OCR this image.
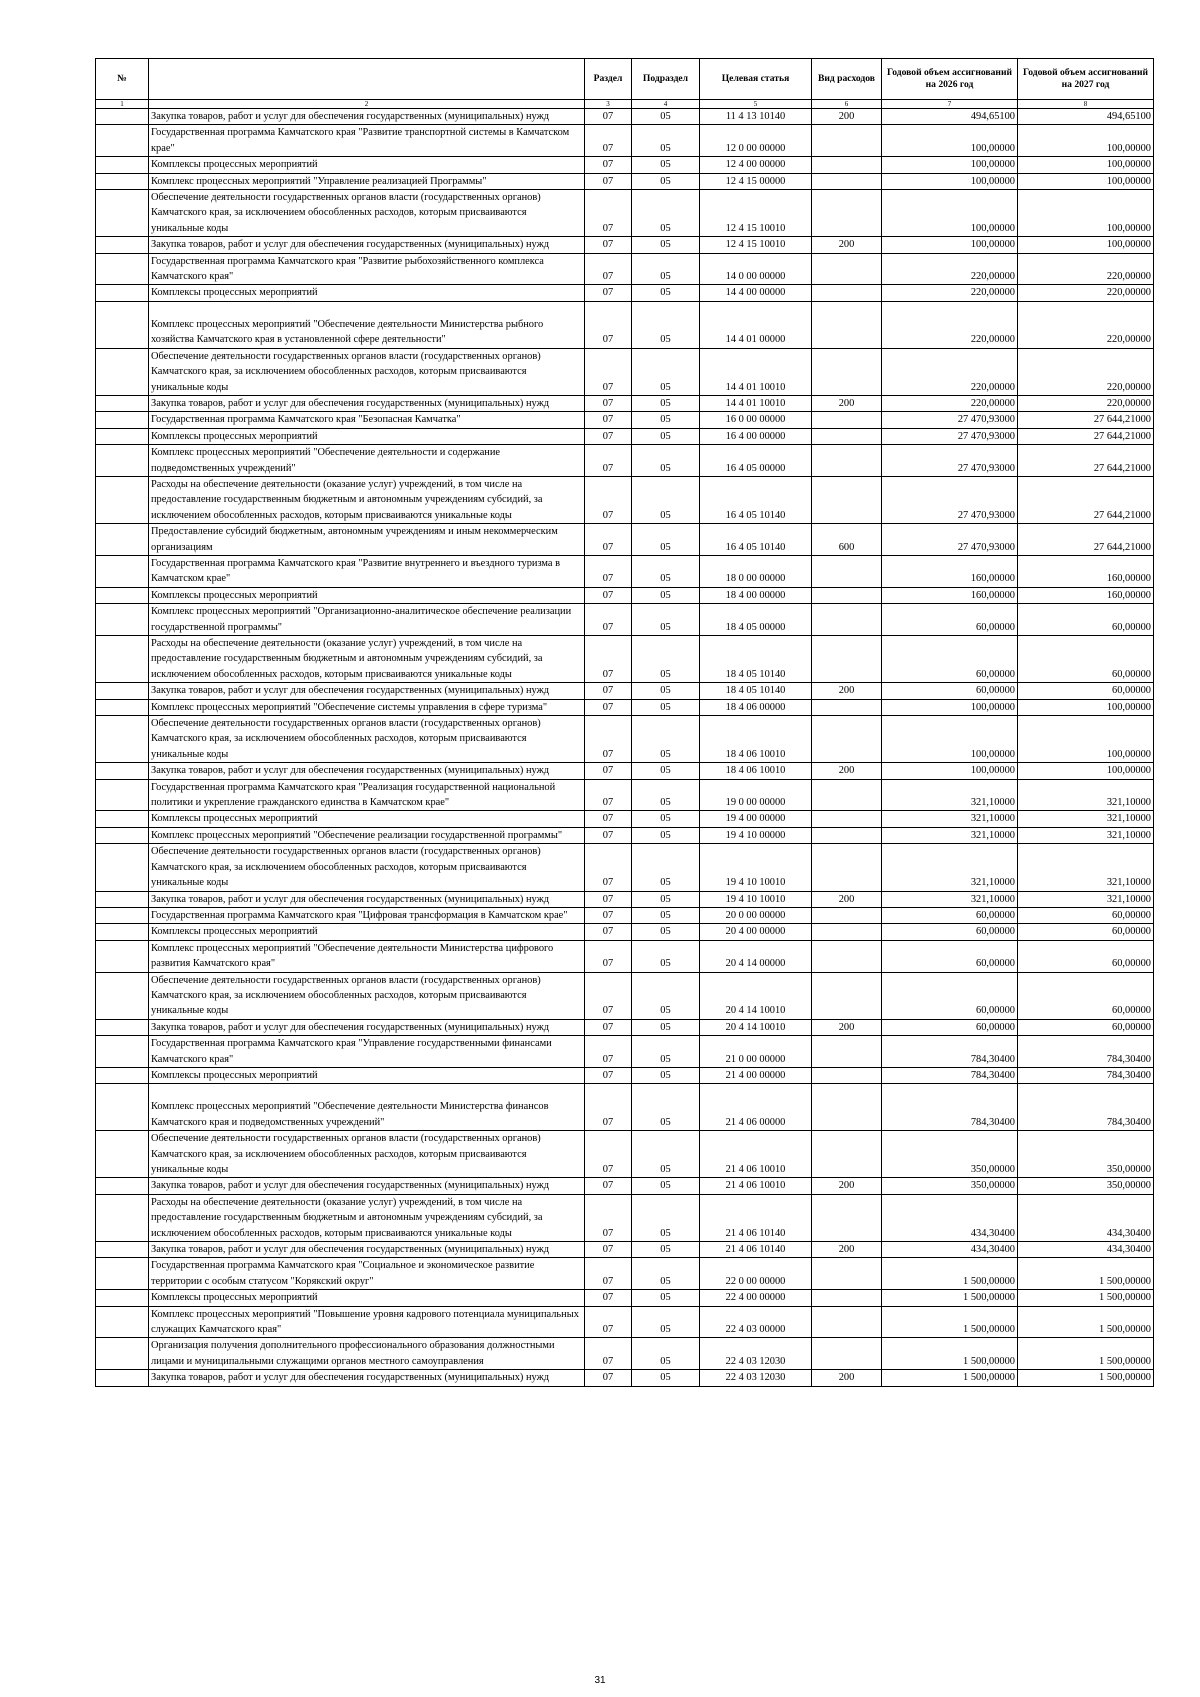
№		Раздел	Подраздел	Целевая статья	Вид расходов	Годовой объем ассигнований на 2026 год	Годовой объем ассигнований на 2027 год
1	2	3	4	5	6	7	8
	Закупка товаров, работ и услуг для обеспечения государственных (муниципальных) нужд	07	05	11 4 13 10140	200	494,65100	494,65100
	Государственная программа Камчатского края "Развитие транспортной системы в Камчатском крае"	07	05	12 0 00 00000		100,00000	100,00000
	Комплексы процессных мероприятий	07	05	12 4 00 00000		100,00000	100,00000
	Комплекс процессных мероприятий "Управление реализацией Программы"	07	05	12 4 15 00000		100,00000	100,00000
	Обеспечение деятельности государственных органов власти (государственных органов) Камчатского края, за исключением обособленных расходов, которым присваиваются уникальные коды	07	05	12 4 15 10010		100,00000	100,00000
	Закупка товаров, работ и услуг для обеспечения государственных (муниципальных) нужд	07	05	12 4 15 10010	200	100,00000	100,00000
	Государственная программа Камчатского края "Развитие рыбохозяйственного комплекса Камчатского края"	07	05	14 0 00 00000		220,00000	220,00000
	Комплексы процессных мероприятий	07	05	14 4 00 00000		220,00000	220,00000
	Комплекс процессных мероприятий "Обеспечение деятельности Министерства рыбного хозяйства Камчатского края в установленной сфере деятельности"	07	05	14 4 01 00000		220,00000	220,00000
	Обеспечение деятельности государственных органов власти (государственных органов) Камчатского края, за исключением обособленных расходов, которым присваиваются уникальные коды	07	05	14 4 01 10010		220,00000	220,00000
	Закупка товаров, работ и услуг для обеспечения государственных (муниципальных) нужд	07	05	14 4 01 10010	200	220,00000	220,00000
	Государственная программа Камчатского края "Безопасная Камчатка"	07	05	16 0 00 00000		27 470,93000	27 644,21000
	Комплексы процессных мероприятий	07	05	16 4 00 00000		27 470,93000	27 644,21000
	Комплекс процессных мероприятий "Обеспечение деятельности и содержание подведомственных учреждений"	07	05	16 4 05 00000		27 470,93000	27 644,21000
	Расходы на обеспечение деятельности (оказание услуг) учреждений, в том числе на предоставление государственным бюджетным и автономным учреждениям субсидий, за исключением обособленных расходов, которым присваиваются уникальные коды	07	05	16 4 05 10140		27 470,93000	27 644,21000
	Предоставление субсидий бюджетным, автономным учреждениям и иным некоммерческим организациям	07	05	16 4 05 10140	600	27 470,93000	27 644,21000
	Государственная программа Камчатского края "Развитие внутреннего и въездного туризма в Камчатском крае"	07	05	18 0 00 00000		160,00000	160,00000
	Комплексы процессных мероприятий	07	05	18 4 00 00000		160,00000	160,00000
	Комплекс процессных мероприятий "Организационно-аналитическое обеспечение реализации государственной программы"	07	05	18 4 05 00000		60,00000	60,00000
	Расходы на обеспечение деятельности (оказание услуг) учреждений, в том числе на предоставление государственным бюджетным и автономным учреждениям субсидий, за исключением обособленных расходов, которым присваиваются уникальные коды	07	05	18 4 05 10140		60,00000	60,00000
	Закупка товаров, работ и услуг для обеспечения государственных (муниципальных) нужд	07	05	18 4 05 10140	200	60,00000	60,00000
	Комплекс процессных мероприятий "Обеспечение системы управления в сфере туризма"	07	05	18 4 06 00000		100,00000	100,00000
	Обеспечение деятельности государственных органов власти (государственных органов) Камчатского края, за исключением обособленных расходов, которым присваиваются уникальные коды	07	05	18 4 06 10010		100,00000	100,00000
	Закупка товаров, работ и услуг для обеспечения государственных (муниципальных) нужд	07	05	18 4 06 10010	200	100,00000	100,00000
	Государственная программа Камчатского края "Реализация государственной национальной политики и укрепление гражданского единства в Камчатском крае"	07	05	19 0 00 00000		321,10000	321,10000
	Комплексы процессных мероприятий	07	05	19 4 00 00000		321,10000	321,10000
	Комплекс процессных мероприятий "Обеспечение реализации государственной программы"	07	05	19 4 10 00000		321,10000	321,10000
	Обеспечение деятельности государственных органов власти (государственных органов) Камчатского края, за исключением обособленных расходов, которым присваиваются уникальные коды	07	05	19 4 10 10010		321,10000	321,10000
	Закупка товаров, работ и услуг для обеспечения государственных (муниципальных) нужд	07	05	19 4 10 10010	200	321,10000	321,10000
	Государственная программа Камчатского края "Цифровая трансформация в Камчатском крае"	07	05	20 0 00 00000		60,00000	60,00000
	Комплексы процессных мероприятий	07	05	20 4 00 00000		60,00000	60,00000
	Комплекс процессных мероприятий "Обеспечение деятельности Министерства цифрового развития Камчатского края"	07	05	20 4 14 00000		60,00000	60,00000
	Обеспечение деятельности государственных органов власти (государственных органов) Камчатского края, за исключением обособленных расходов, которым присваиваются уникальные коды	07	05	20 4 14 10010		60,00000	60,00000
	Закупка товаров, работ и услуг для обеспечения государственных (муниципальных) нужд	07	05	20 4 14 10010	200	60,00000	60,00000
	Государственная программа Камчатского края "Управление государственными финансами Камчатского края"	07	05	21 0 00 00000		784,30400	784,30400
	Комплексы процессных мероприятий	07	05	21 4 00 00000		784,30400	784,30400
	Комплекс процессных мероприятий "Обеспечение деятельности Министерства финансов Камчатского края и подведомственных учреждений"	07	05	21 4 06 00000		784,30400	784,30400
	Обеспечение деятельности государственных органов власти (государственных органов) Камчатского края, за исключением обособленных расходов, которым присваиваются уникальные коды	07	05	21 4 06 10010		350,00000	350,00000
	Закупка товаров, работ и услуг для обеспечения государственных (муниципальных) нужд	07	05	21 4 06 10010	200	350,00000	350,00000
	Расходы на обеспечение деятельности (оказание услуг) учреждений, в том числе на предоставление государственным бюджетным и автономным учреждениям субсидий, за исключением обособленных расходов, которым присваиваются уникальные коды	07	05	21 4 06 10140		434,30400	434,30400
	Закупка товаров, работ и услуг для обеспечения государственных (муниципальных) нужд	07	05	21 4 06 10140	200	434,30400	434,30400
	Государственная программа Камчатского края "Социальное и экономическое развитие территории с особым статусом "Корякский округ"	07	05	22 0 00 00000		1 500,00000	1 500,00000
	Комплексы процессных мероприятий	07	05	22 4 00 00000		1 500,00000	1 500,00000
	Комплекс процессных мероприятий "Повышение уровня кадрового потенциала муниципальных служащих Камчатского края"	07	05	22 4 03 00000		1 500,00000	1 500,00000
	Организация получения дополнительного профессионального образования должностными лицами и муниципальными служащими органов местного самоуправления	07	05	22 4 03 12030		1 500,00000	1 500,00000
	Закупка товаров, работ и услуг для обеспечения государственных (муниципальных) нужд	07	05	22 4 03 12030	200	1 500,00000	1 500,00000
31
